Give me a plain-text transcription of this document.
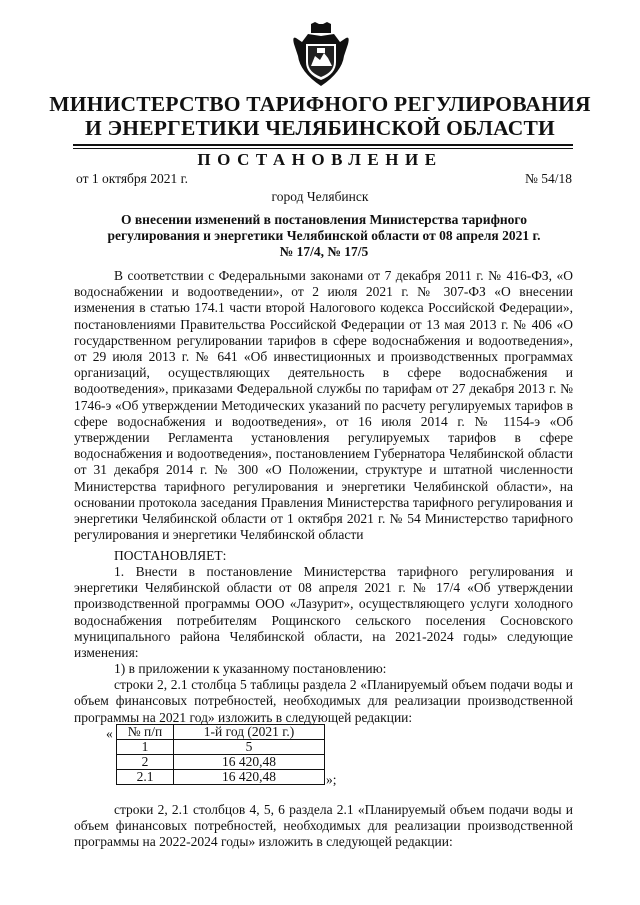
МИНИСТЕРСТВО ТАРИФНОГО РЕГУЛИРОВАНИЯ
И ЭНЕРГЕТИКИ ЧЕЛЯБИНСКОЙ ОБЛАСТИ
ПОСТАНОВЛЕНИЕ
от 1 октября 2021 г.	№ 54/18
город Челябинск
О внесении изменений в постановления Министерства тарифного
регулирования и энергетики Челябинской области от 08 апреля 2021 г.
№ 17/4, № 17/5

В соответствии с Федеральными законами от 7 декабря 2011 г. № 416-ФЗ, «О водоснабжении и водоотведении», от 2 июля 2021 г. № 307-ФЗ «О внесении изменения в статью 174.1 части второй Налогового кодекса Российской Федерации», постановлениями Правительства Российской Федерации от 13 мая 2013 г. № 406 «О государственном регулировании тарифов в сфере водоснабжения и водоотведения», от 29 июля 2013 г. № 641 «Об инвестиционных и производственных программах организаций, осуществляющих деятельность в сфере водоснабжения и водоотведения», приказами Федеральной службы по тарифам от 27 декабря 2013 г. № 1746-э «Об утверждении Методических указаний по расчету регулируемых тарифов в сфере водоснабжения и водоотведения», от 16 июля 2014 г. № 1154-э «Об утверждении Регламента установления регулируемых тарифов в сфере водоснабжения и водоотведения», постановлением Губернатора Челябинской области от 31 декабря 2014 г. № 300 «О Положении, структуре и штатной численности Министерства тарифного регулирования и энергетики Челябинской области», на основании протокола заседания Правления Министерства тарифного регулирования и энергетики Челябинской области от 1 октября 2021 г. № 54 Министерство тарифного регулирования и энергетики Челябинской области

ПОСТАНОВЛЯЕТ:

1. Внести в постановление Министерства тарифного регулирования и энергетики Челябинской области от 08 апреля 2021 г. № 17/4 «Об утверждении производственной программы ООО «Лазурит», осуществляющего услуги холодного водоснабжения потребителям Рощинского сельского поселения Сосновского муниципального района Челябинской области, на 2021-2024 годы» следующие изменения:

1) в приложении к указанному постановлению:

строки 2, 2.1 столбца 5 таблицы раздела 2 «Планируемый объем подачи воды и объем финансовых потребностей, необходимых для реализации производственной программы на 2021 год» изложить в следующей редакции:

« № п/п	1-й год (2021 г.)
1	5
2	16 420,48
2.1	16 420,48	»;

строки 2, 2.1 столбцов 4, 5, 6 раздела 2.1 «Планируемый объем подачи воды и объем финансовых потребностей, необходимых для реализации производственной программы на 2022-2024 годы» изложить в следующей редакции:
